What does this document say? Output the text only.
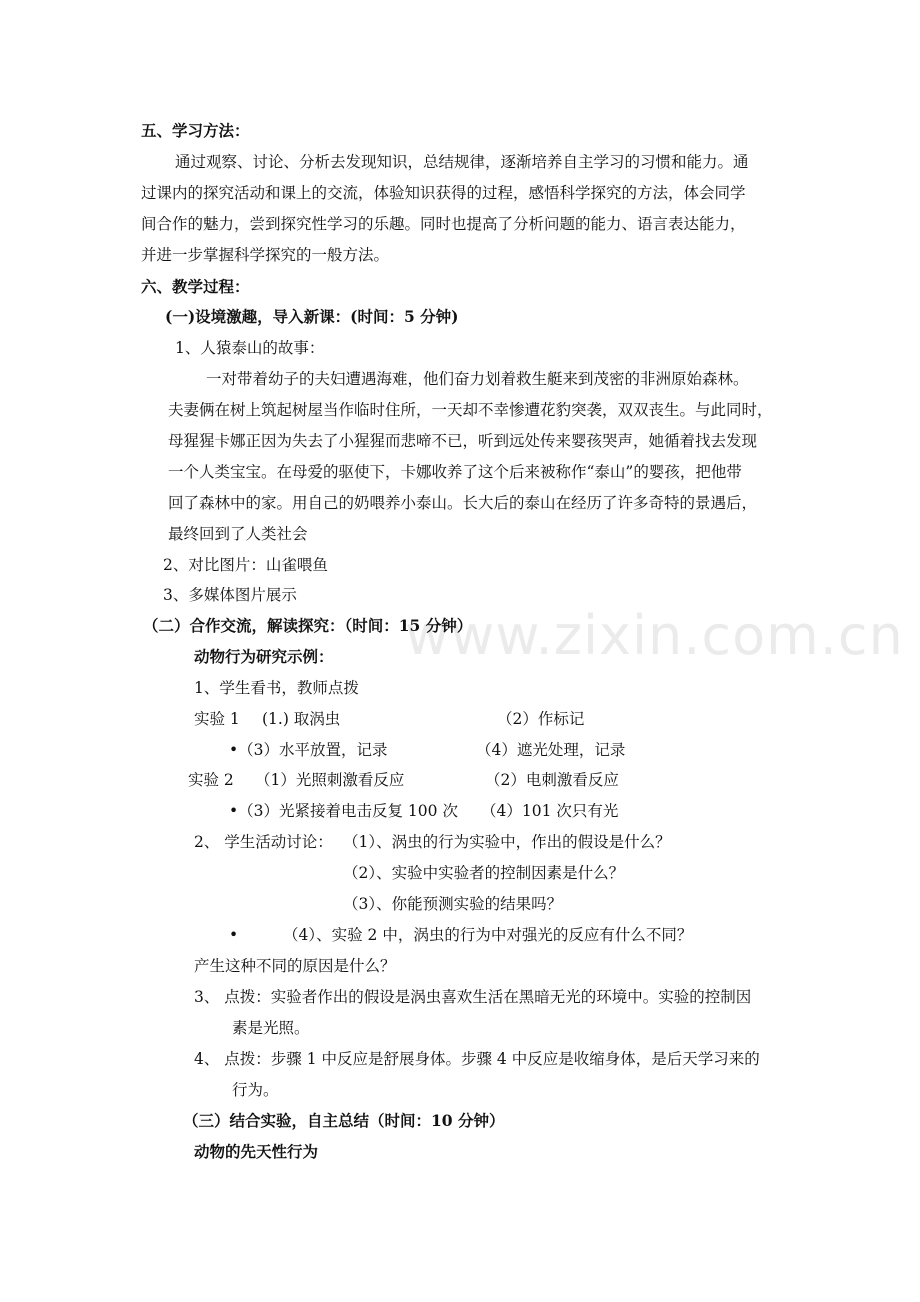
www.zixin.com.cn
五、学习方法：
通过观察、讨论、分析去发现知识，总结规律，逐渐培养自主学习的习惯和能力。通
过课内的探究活动和课上的交流，体验知识获得的过程，感悟科学探究的方法，体会同学
间合作的魅力，尝到探究性学习的乐趣。同时也提高了分析问题的能力、语言表达能力，
并进一步掌握科学探究的一般方法。
六、教学过程：
(一)设境激趣，导入新课：(时间：5 分钟)
1、人猿泰山的故事：
一对带着幼子的夫妇遭遇海难，他们奋力划着救生艇来到茂密的非洲原始森林。
夫妻俩在树上筑起树屋当作临时住所，一天却不幸惨遭花豹突袭，双双丧生。与此同时，
母猩猩卡娜正因为失去了小猩猩而悲啼不已，听到远处传来婴孩哭声，她循着找去发现
一个人类宝宝。在母爱的驱使下，卡娜收养了这个后来被称作“泰山”的婴孩，把他带
回了森林中的家。用自己的奶喂养小泰山。长大后的泰山在经历了许多奇特的景遇后，
最终回到了人类社会
2、对比图片：山雀喂鱼
3、多媒体图片展示
（二）合作交流，解读探究：（时间：15 分钟）
动物行为研究示例：
1、学生看书，教师点拨
实验 1 (1.) 取涡虫	（2）作标记
•（3）水平放置，记录	（4）遮光处理，记录
实验 2 （1）光照刺激看反应	（2）电刺激看反应
•（3）光紧接着电击反复 100 次 （4）101 次只有光
2、 学生活动讨论： （1）、涡虫的行为实验中，作出的假设是什么？
（2）、实验中实验者的控制因素是什么？
（3）、你能预测实验的结果吗？
•	（4）、实验 2 中，涡虫的行为中对强光的反应有什么不同？
产生这种不同的原因是什么？
3、 点拨：实验者作出的假设是涡虫喜欢生活在黑暗无光的环境中。实验的控制因
素是光照。
4、 点拨：步骤 1 中反应是舒展身体。步骤 4 中反应是收缩身体，是后天学习来的
行为。
（三）结合实验，自主总结（时间：10 分钟）
动物的先天性行为
